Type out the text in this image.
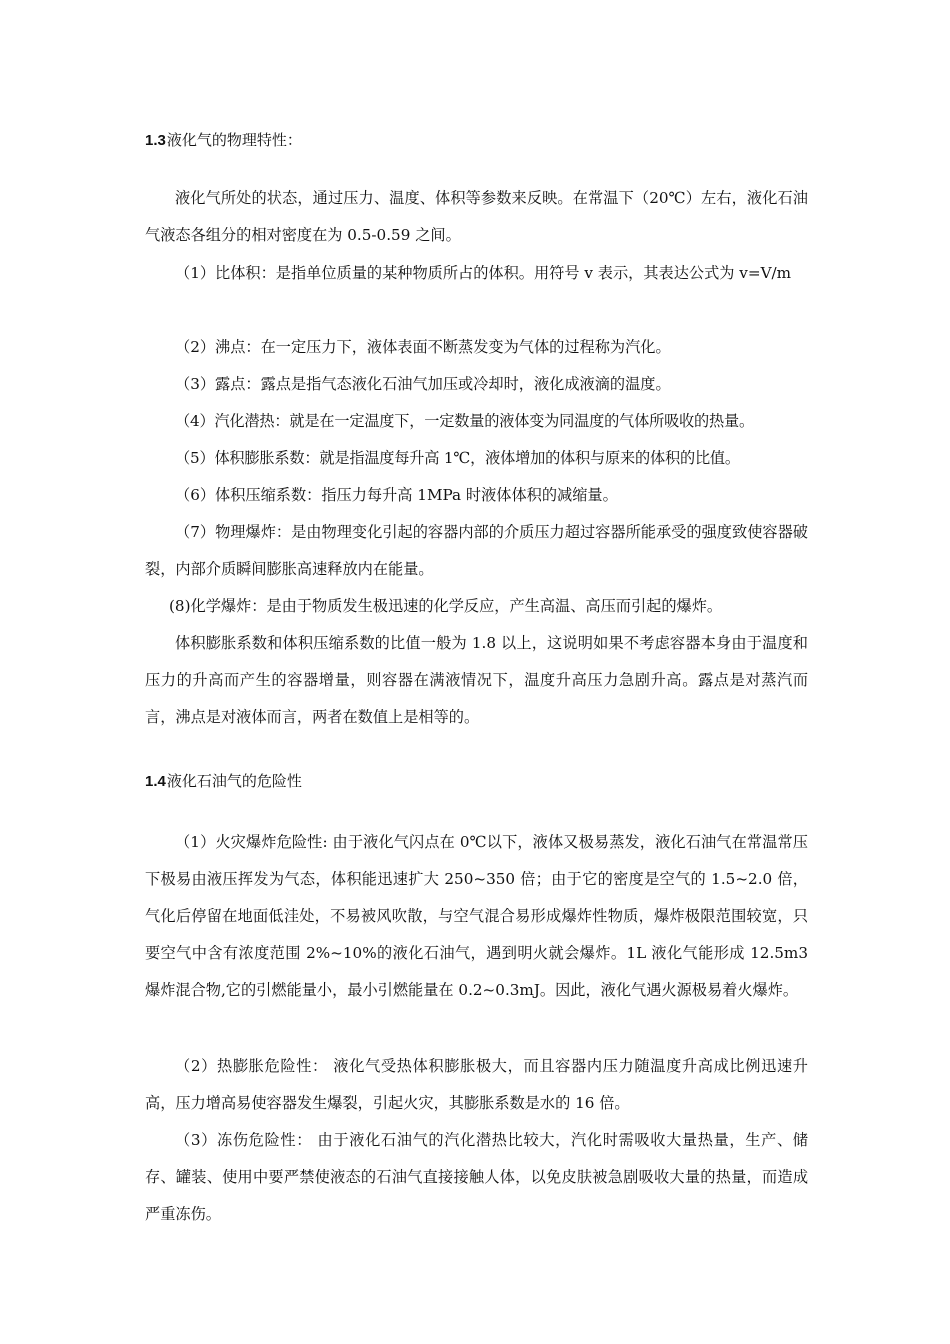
1.3液化气的物理特性：

液化气所处的状态，通过压力、温度、体积等参数来反映。在常温下（20℃）左右，液化石油气液态各组分的相对密度在为 0.5-0.59 之间。

（1）比体积：是指单位质量的某种物质所占的体积。用符号 v 表示，其表达公式为 v=V/m

（2）沸点：在一定压力下，液体表面不断蒸发变为气体的过程称为汽化。

（3）露点：露点是指气态液化石油气加压或冷却时，液化成液滴的温度。

（4）汽化潜热：就是在一定温度下，一定数量的液体变为同温度的气体所吸收的热量。

（5）体积膨胀系数：就是指温度每升高 1℃，液体增加的体积与原来的体积的比值。

（6）体积压缩系数：指压力每升高 1MPa 时液体体积的减缩量。

（7）物理爆炸：是由物理变化引起的容器内部的介质压力超过容器所能承受的强度致使容器破裂，内部介质瞬间膨胀高速释放内在能量。

(8)化学爆炸：是由于物质发生极迅速的化学反应，产生高温、高压而引起的爆炸。

体积膨胀系数和体积压缩系数的比值一般为 1.8 以上，这说明如果不考虑容器本身由于温度和压力的升高而产生的容器增量，则容器在满液情况下，温度升高压力急剧升高。露点是对蒸汽而言，沸点是对液体而言，两者在数值上是相等的。

1.4液化石油气的危险性

（1）火灾爆炸危险性: 由于液化气闪点在 0℃以下，液体又极易蒸发，液化石油气在常温常压下极易由液压挥发为气态，体积能迅速扩大 250~350 倍；由于它的密度是空气的 1.5~2.0 倍，气化后停留在地面低洼处，不易被风吹散，与空气混合易形成爆炸性物质，爆炸极限范围较宽，只要空气中含有浓度范围 2%~10%的液化石油气，遇到明火就会爆炸。1L 液化气能形成 12.5m3 爆炸混合物,它的引燃能量小，最小引燃能量在 0.2~0.3mJ。因此，液化气遇火源极易着火爆炸。

（2）热膨胀危险性： 液化气受热体积膨胀极大，而且容器内压力随温度升高成比例迅速升高，压力增高易使容器发生爆裂，引起火灾，其膨胀系数是水的 16 倍。

（3）冻伤危险性： 由于液化石油气的汽化潜热比较大，汽化时需吸收大量热量，生产、储存、罐装、使用中要严禁使液态的石油气直接接触人体，以免皮肤被急剧吸收大量的热量，而造成严重冻伤。
